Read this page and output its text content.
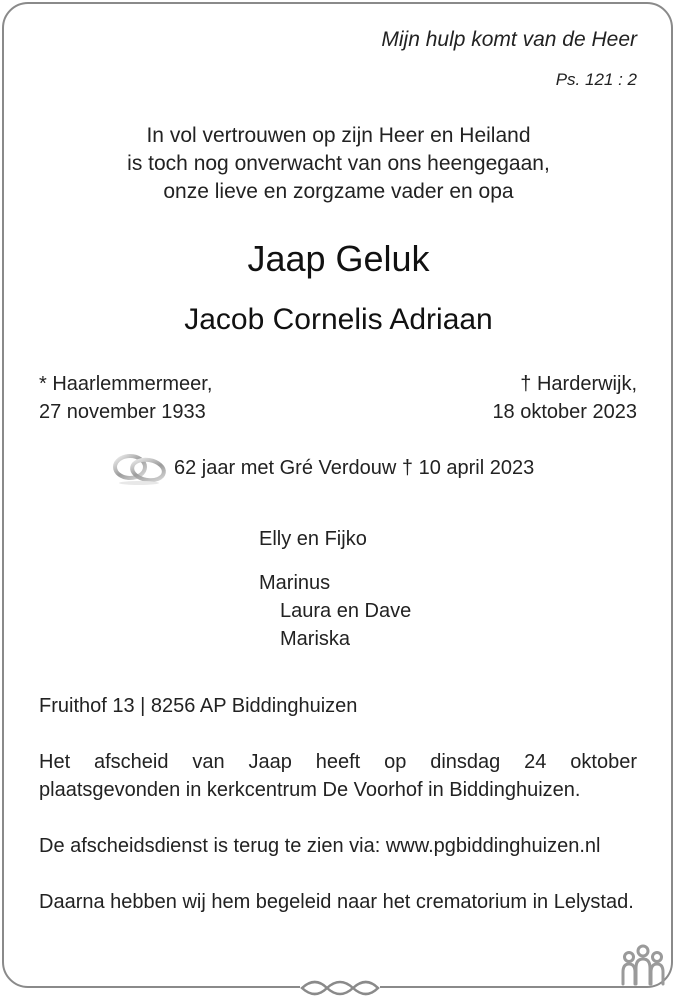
Mijn hulp komt van de Heer
Ps. 121 : 2
In vol vertrouwen op zijn Heer en Heiland
is toch nog onverwacht van ons heengegaan,
onze lieve en zorgzame vader en opa
Jaap Geluk
Jacob Cornelis Adriaan
* Haarlemmermeer,
27 november 1933
† Harderwijk,
18 oktober 2023
62 jaar met Gré Verdouw † 10 april 2023
Elly en Fijko
Marinus
Laura en Dave
Mariska
Fruithof 13 | 8256 AP Biddinghuizen
Het afscheid van Jaap heeft op dinsdag 24 oktober plaatsgevonden in kerkcentrum De Voorhof in Biddinghuizen.
De afscheidsdienst is terug te zien via: www.pgbiddinghuizen.nl
Daarna hebben wij hem begeleid naar het crematorium in Lelystad.
